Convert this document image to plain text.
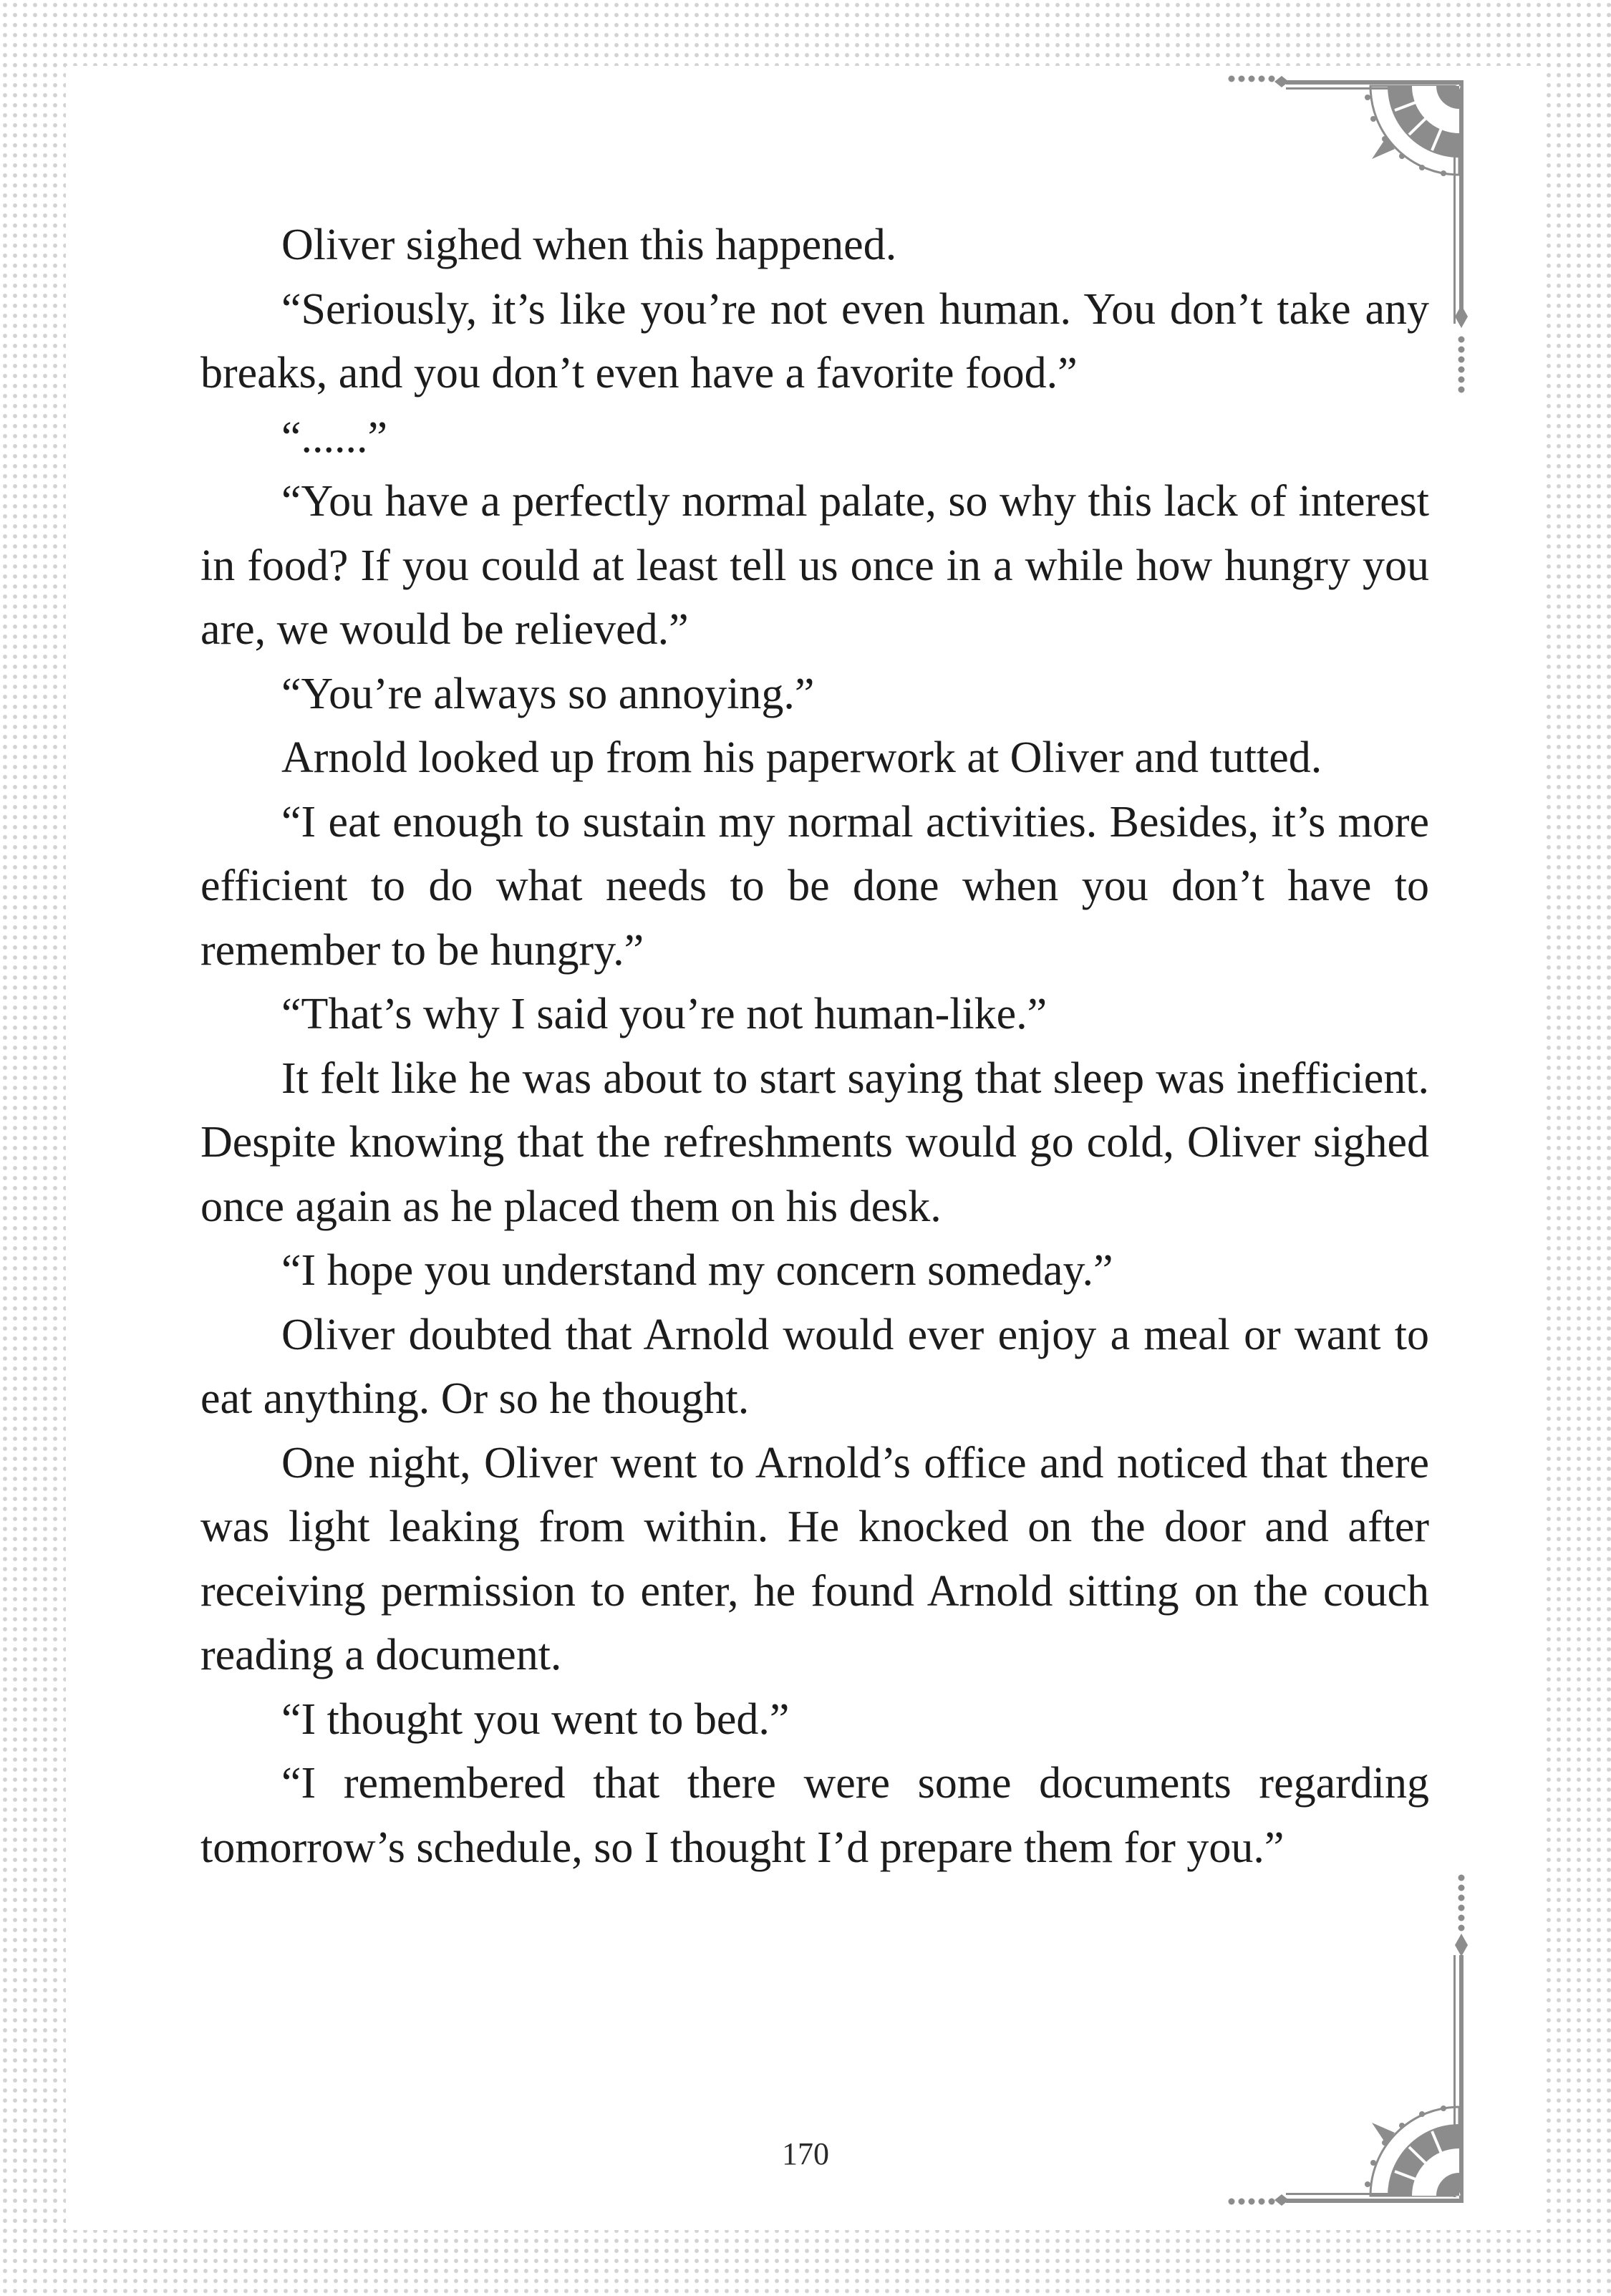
Oliver sighed when this happened.

“Seriously, it’s like you’re not even human. You don’t take any breaks, and you don’t even have a favorite food.”

“......”

“You have a perfectly normal palate, so why this lack of interest in food? If you could at least tell us once in a while how hungry you are, we would be relieved.”

“You’re always so annoying.”

Arnold looked up from his paperwork at Oliver and tutted.

“I eat enough to sustain my normal activities. Besides, it’s more efficient to do what needs to be done when you don’t have to remember to be hungry.”

“That’s why I said you’re not human-like.”

It felt like he was about to start saying that sleep was inefficient. Despite knowing that the refreshments would go cold, Oliver sighed once again as he placed them on his desk.

“I hope you understand my concern someday.”

Oliver doubted that Arnold would ever enjoy a meal or want to eat anything. Or so he thought.

One night, Oliver went to Arnold’s office and noticed that there was light leaking from within. He knocked on the door and after receiving permission to enter, he found Arnold sitting on the couch reading a document.

“I thought you went to bed.”

“I remembered that there were some documents regarding tomorrow’s schedule, so I thought I’d prepare them for you.”

170
